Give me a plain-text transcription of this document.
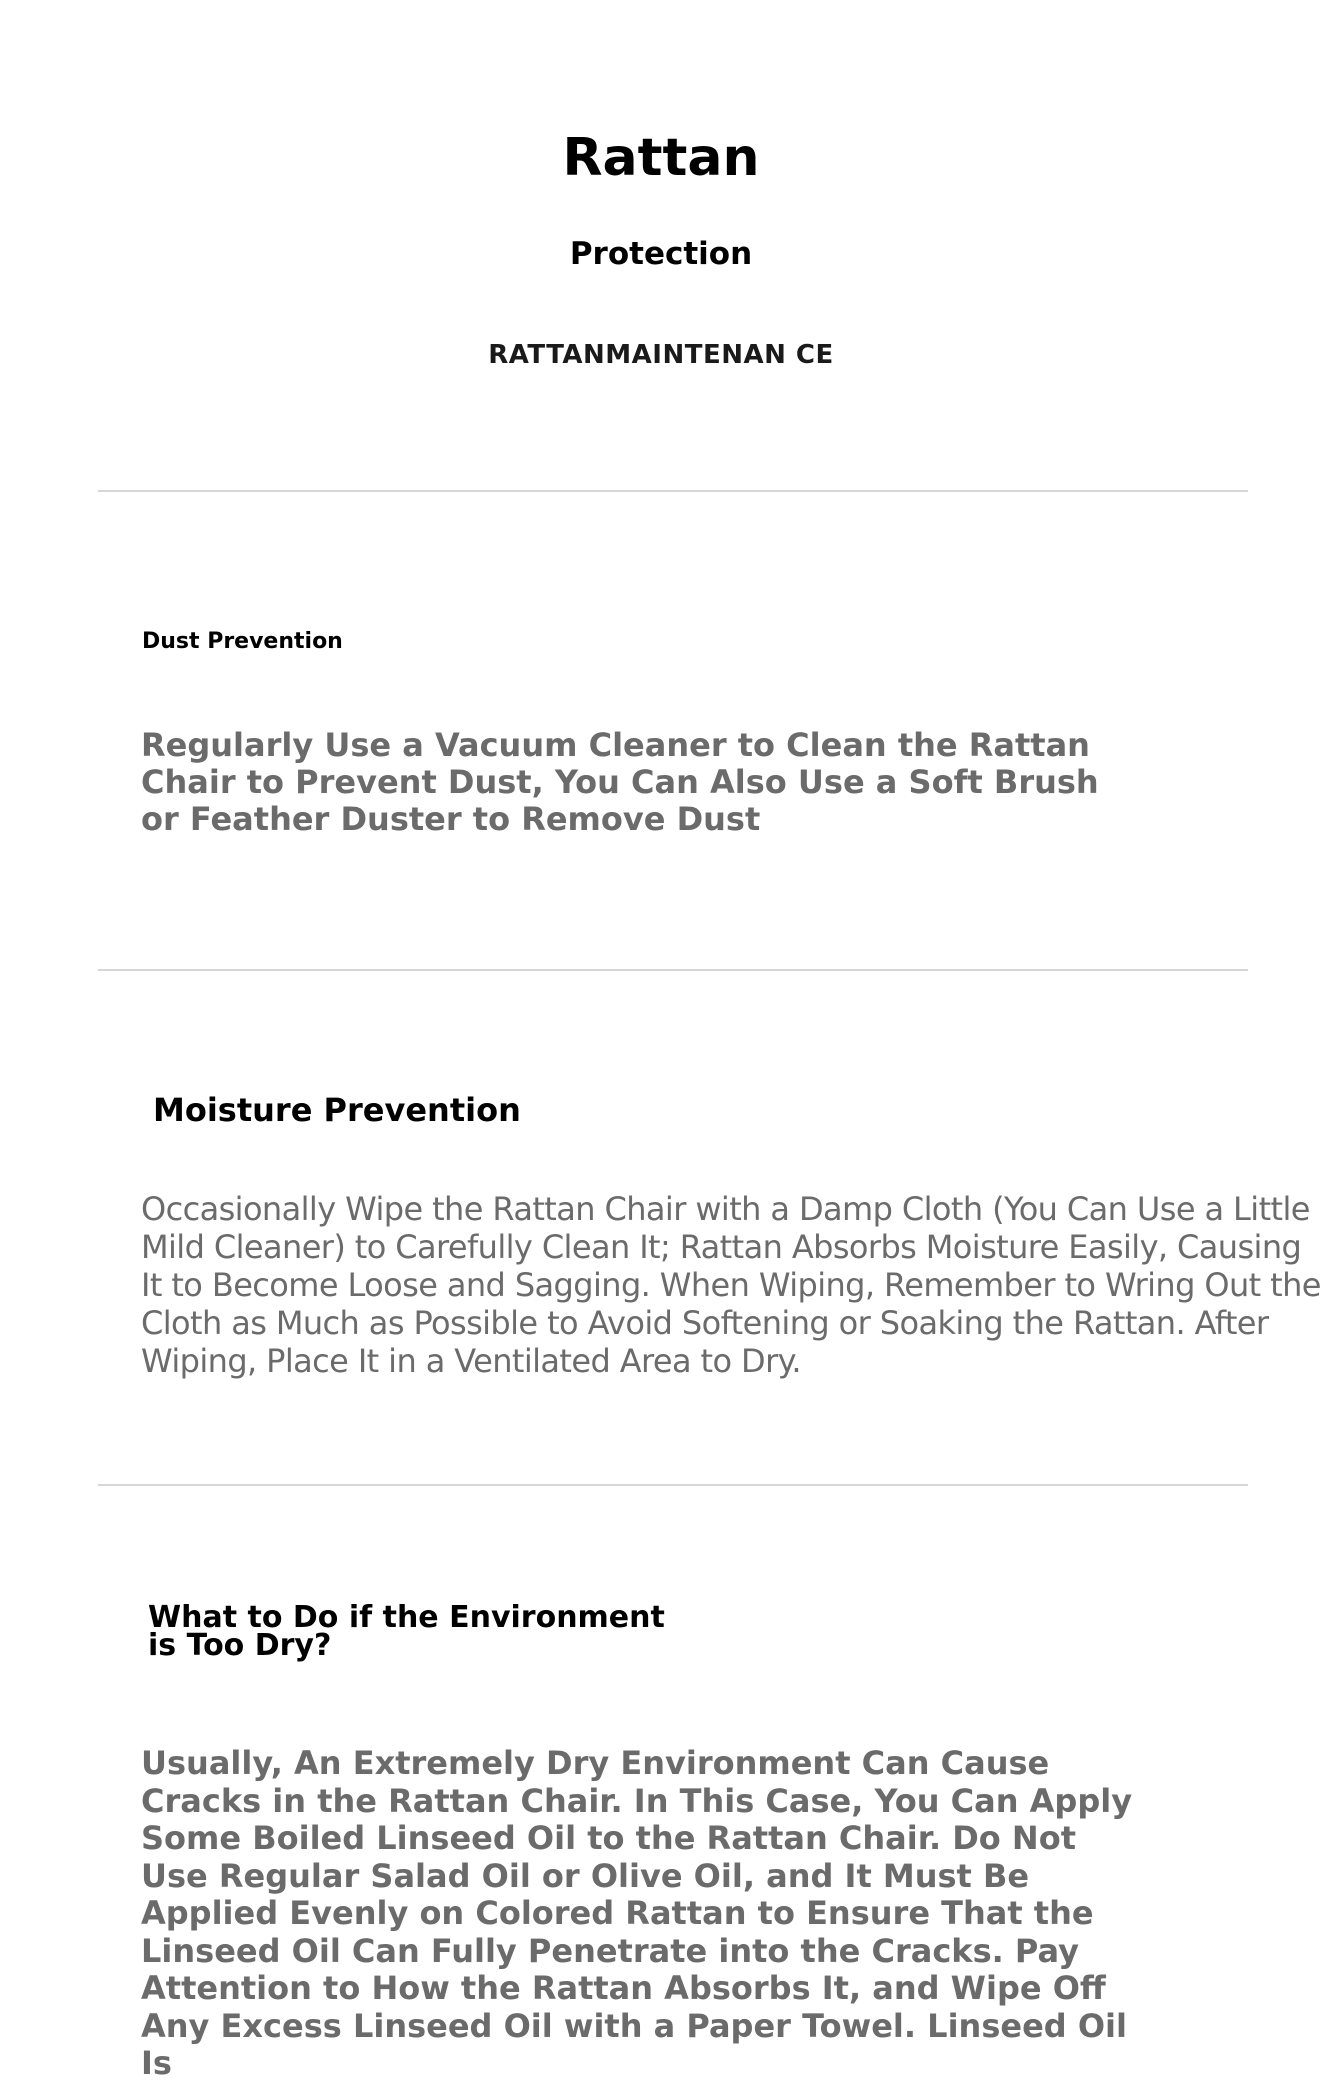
Rattan
Protection
RATTANMAINTENAN CE
Dust Prevention
Regularly Use a Vacuum Cleaner to Clean the Rattan Chair to Prevent Dust, You Can Also Use a Soft Brush or Feather Duster to Remove Dust
Moisture Prevention
Occasionally Wipe the Rattan Chair with a Damp Cloth (You Can Use a Little Mild Cleaner) to Carefully Clean It; Rattan Absorbs Moisture Easily, Causing It to Become Loose and Sagging. When Wiping, Remember to Wring Out the Cloth as Much as Possible to Avoid Softening or Soaking the Rattan. After Wiping, Place It in a Ventilated Area to Dry.
What to Do if the Environment is Too Dry?
Usually, An Extremely Dry Environment Can Cause Cracks in the Rattan Chair. In This Case, You Can Apply Some Boiled Linseed Oil to the Rattan Chair. Do Not Use Regular Salad Oil or Olive Oil, and It Must Be Applied Evenly on Colored Rattan to Ensure That the Linseed Oil Can Fully Penetrate into the Cracks. Pay Attention to How the Rattan Absorbs It, and Wipe Off Any Excess Linseed Oil with a Paper Towel. Linseed Oil Is
